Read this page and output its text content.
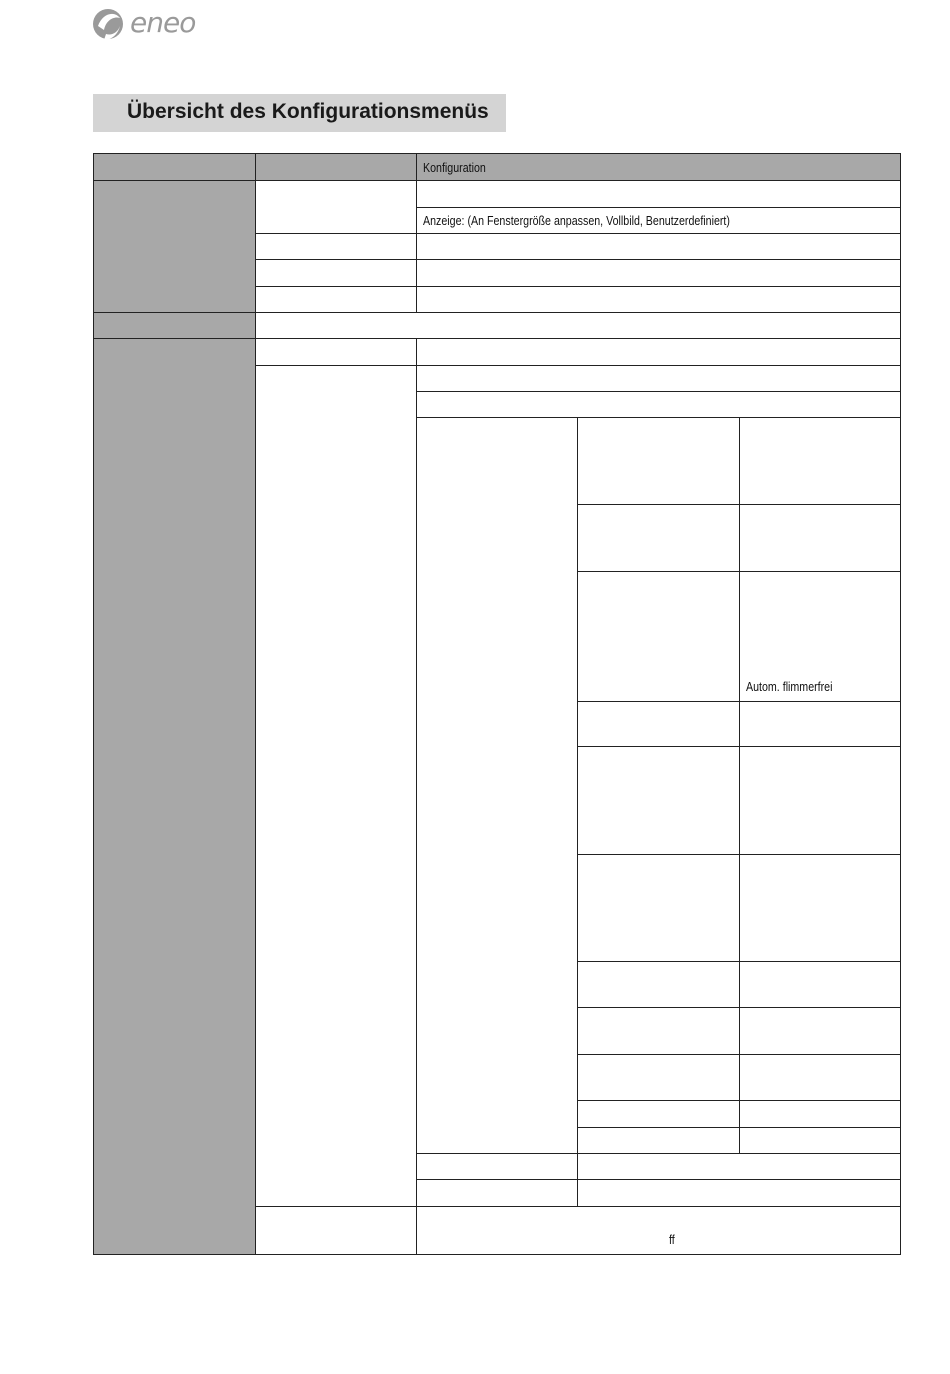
eneo
Übersicht des Konfigurationsmenüs
Konfiguration
Anzeige: (An Fenstergröße anpassen, Vollbild, Benutzerdefiniert)
Autom. flimmerfrei
ff
